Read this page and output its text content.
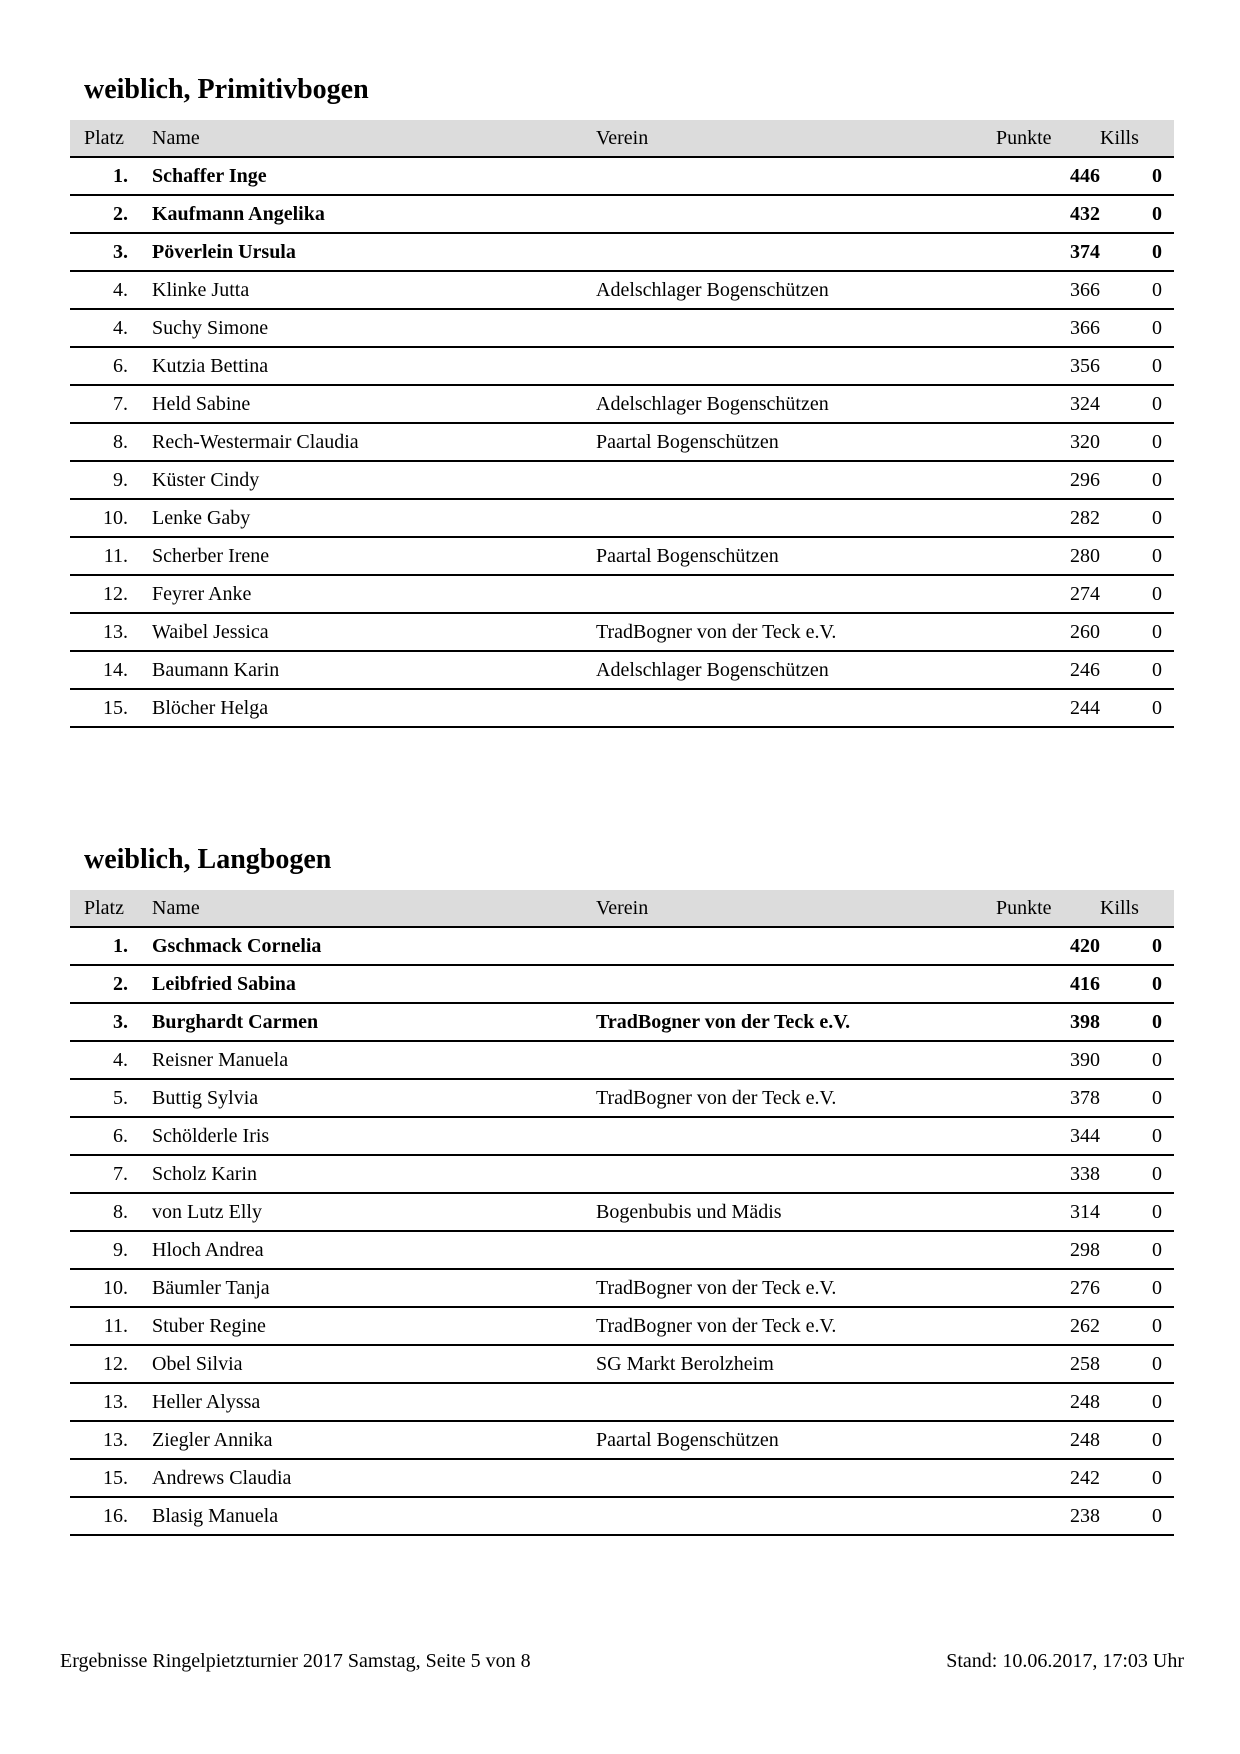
weiblich, Primitivbogen
Platz		Name	Verein	Punkte	Kills
1.		Schaffer Inge		446	0
2.		Kaufmann Angelika		432	0
3.		Pöverlein Ursula		374	0
4.		Klinke Jutta	Adelschlager Bogenschützen	366	0
4.		Suchy Simone		366	0
6.		Kutzia Bettina		356	0
7.		Held Sabine	Adelschlager Bogenschützen	324	0
8.		Rech-Westermair Claudia	Paartal Bogenschützen	320	0
9.		Küster Cindy		296	0
10.		Lenke Gaby		282	0
11.		Scherber Irene	Paartal Bogenschützen	280	0
12.		Feyrer Anke		274	0
13.		Waibel Jessica	TradBogner von der Teck e.V.	260	0
14.		Baumann Karin	Adelschlager Bogenschützen	246	0
15.		Blöcher Helga		244	0
weiblich, Langbogen
Platz		Name	Verein	Punkte	Kills
1.		Gschmack Cornelia		420	0
2.		Leibfried Sabina		416	0
3.		Burghardt Carmen	TradBogner von der Teck e.V.	398	0
4.		Reisner Manuela		390	0
5.		Buttig Sylvia	TradBogner von der Teck e.V.	378	0
6.		Schölderle Iris		344	0
7.		Scholz Karin		338	0
8.		von Lutz Elly	Bogenbubis und Mädis	314	0
9.		Hloch Andrea		298	0
10.		Bäumler Tanja	TradBogner von der Teck e.V.	276	0
11.		Stuber Regine	TradBogner von der Teck e.V.	262	0
12.		Obel Silvia	SG Markt Berolzheim	258	0
13.		Heller Alyssa		248	0
13.		Ziegler Annika	Paartal Bogenschützen	248	0
15.		Andrews Claudia		242	0
16.		Blasig Manuela		238	0
Ergebnisse Ringelpietzturnier 2017 Samstag, Seite 5 von 8	Stand: 10.06.2017, 17:03 Uhr
